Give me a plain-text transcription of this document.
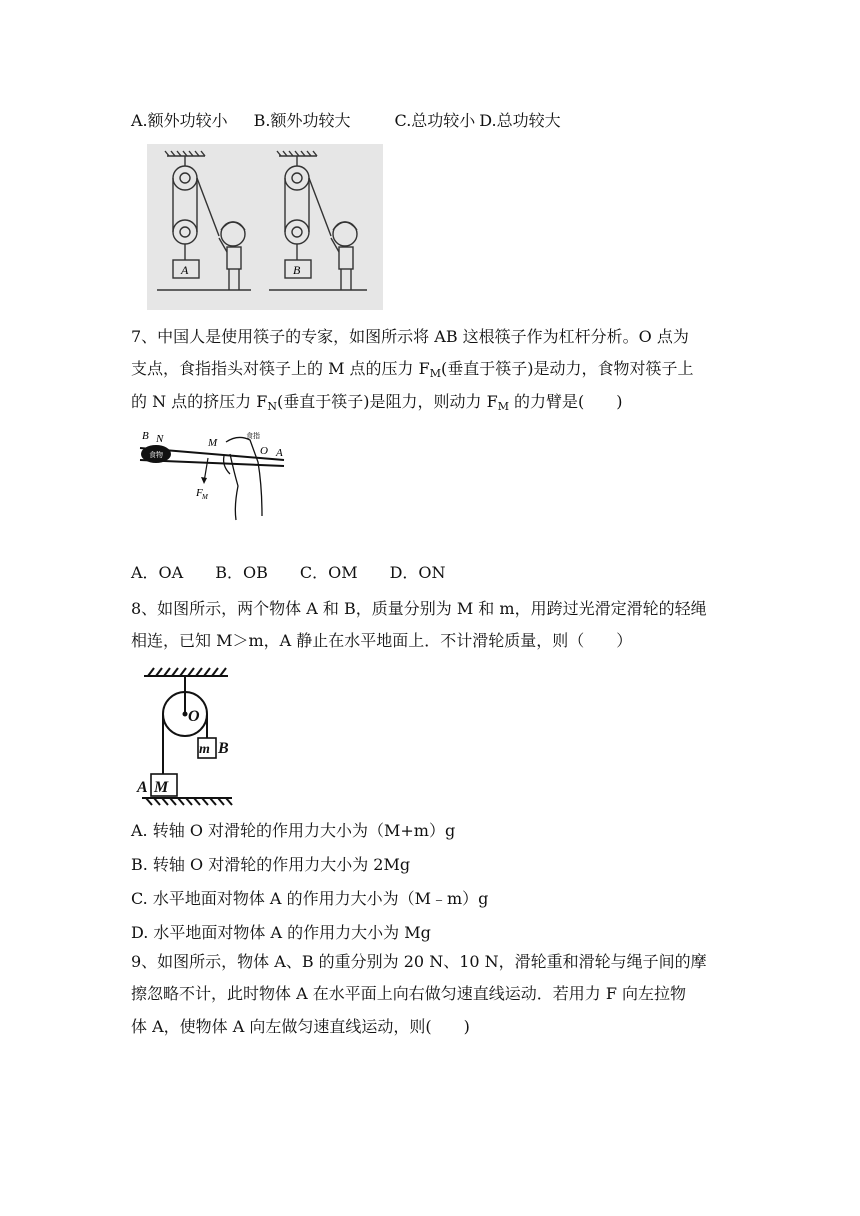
A.额外功较小 B.额外功较大	C.总功较小 D.总功较大
A	B
7、中国人是使用筷子的专家，如图所示将 AB 这根筷子作为杠杆分析。O 点为
支点，食指指头对筷子上的 M 点的压力 $F_M$(垂直于筷子)是动力，食物对筷子上
的 N 点的挤压力 $F_N$(垂直于筷子)是阻力，则动力 $F_M$ 的力臂是(　　)
食物
食指
B N	M
O A
F M
A．OA　　B．OB　　C．OM　　D．ON
8、如图所示，两个物体 A 和 B，质量分别为 M 和 m，用跨过光滑定滑轮的轻绳
相连，已知 M＞m，A 静止在水平地面上．不计滑轮质量，则（　　）
O
m B
A M
A. 转轴 O 对滑轮的作用力大小为（M+m）g
B. 转轴 O 对滑轮的作用力大小为 2Mg
C. 水平地面对物体 A 的作用力大小为（M﹣m）g
D. 水平地面对物体 A 的作用力大小为 Mg
9、如图所示，物体 A、B 的重分别为 20 N、10 N，滑轮重和滑轮与绳子间的摩
擦忽略不计，此时物体 A 在水平面上向右做匀速直线运动．若用力 F 向左拉物
体 A，使物体 A 向左做匀速直线运动，则(　　)
